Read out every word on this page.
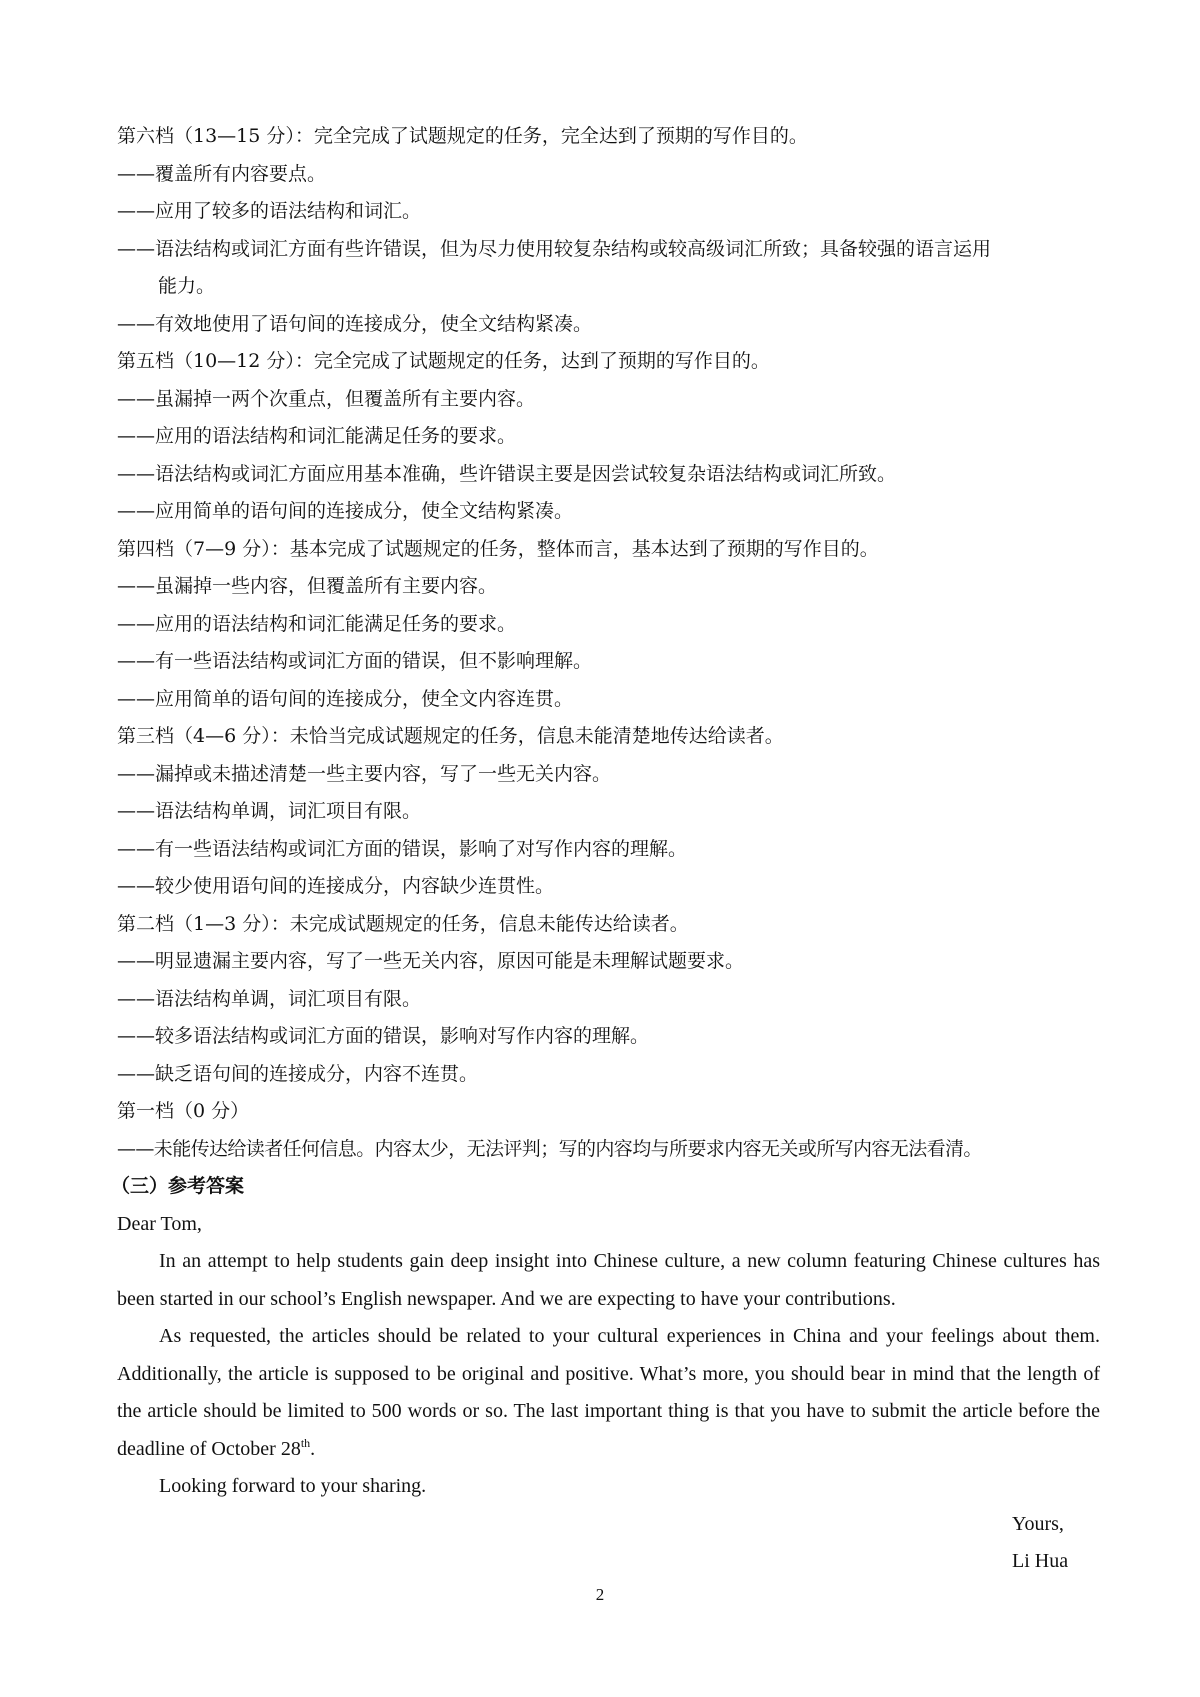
第六档（13—15 分）：完全完成了试题规定的任务，完全达到了预期的写作目的。
——覆盖所有内容要点。
——应用了较多的语法结构和词汇。
——语法结构或词汇方面有些许错误，但为尽力使用较复杂结构或较高级词汇所致；具备较强的语言运用
能力。
——有效地使用了语句间的连接成分，使全文结构紧凑。
第五档（10—12 分）：完全完成了试题规定的任务，达到了预期的写作目的。
——虽漏掉一两个次重点，但覆盖所有主要内容。
——应用的语法结构和词汇能满足任务的要求。
——语法结构或词汇方面应用基本准确，些许错误主要是因尝试较复杂语法结构或词汇所致。
——应用简单的语句间的连接成分，使全文结构紧凑。
第四档（7—9 分）：基本完成了试题规定的任务，整体而言，基本达到了预期的写作目的。
——虽漏掉一些内容，但覆盖所有主要内容。
——应用的语法结构和词汇能满足任务的要求。
——有一些语法结构或词汇方面的错误，但不影响理解。
——应用简单的语句间的连接成分，使全文内容连贯。
第三档（4—6 分）：未恰当完成试题规定的任务，信息未能清楚地传达给读者。
——漏掉或未描述清楚一些主要内容，写了一些无关内容。
——语法结构单调，词汇项目有限。
——有一些语法结构或词汇方面的错误，影响了对写作内容的理解。
——较少使用语句间的连接成分，内容缺少连贯性。
第二档（1—3 分）：未完成试题规定的任务，信息未能传达给读者。
——明显遗漏主要内容，写了一些无关内容，原因可能是未理解试题要求。
——语法结构单调，词汇项目有限。
——较多语法结构或词汇方面的错误，影响对写作内容的理解。
——缺乏语句间的连接成分，内容不连贯。
第一档（0 分）
——未能传达给读者任何信息。内容太少，无法评判；写的内容均与所要求内容无关或所写内容无法看清。
（三）参考答案
Dear Tom,
In an attempt to help students gain deep insight into Chinese culture, a new column featuring Chinese cultures has been started in our school’s English newspaper. And we are expecting to have your contributions.
As requested, the articles should be related to your cultural experiences in China and your feelings about them. Additionally, the article is supposed to be original and positive. What’s more, you should bear in mind that the length of the article should be limited to 500 words or so. The last important thing is that you have to submit the article before the deadline of October 28th.
Looking forward to your sharing.
Yours,
Li Hua
2
